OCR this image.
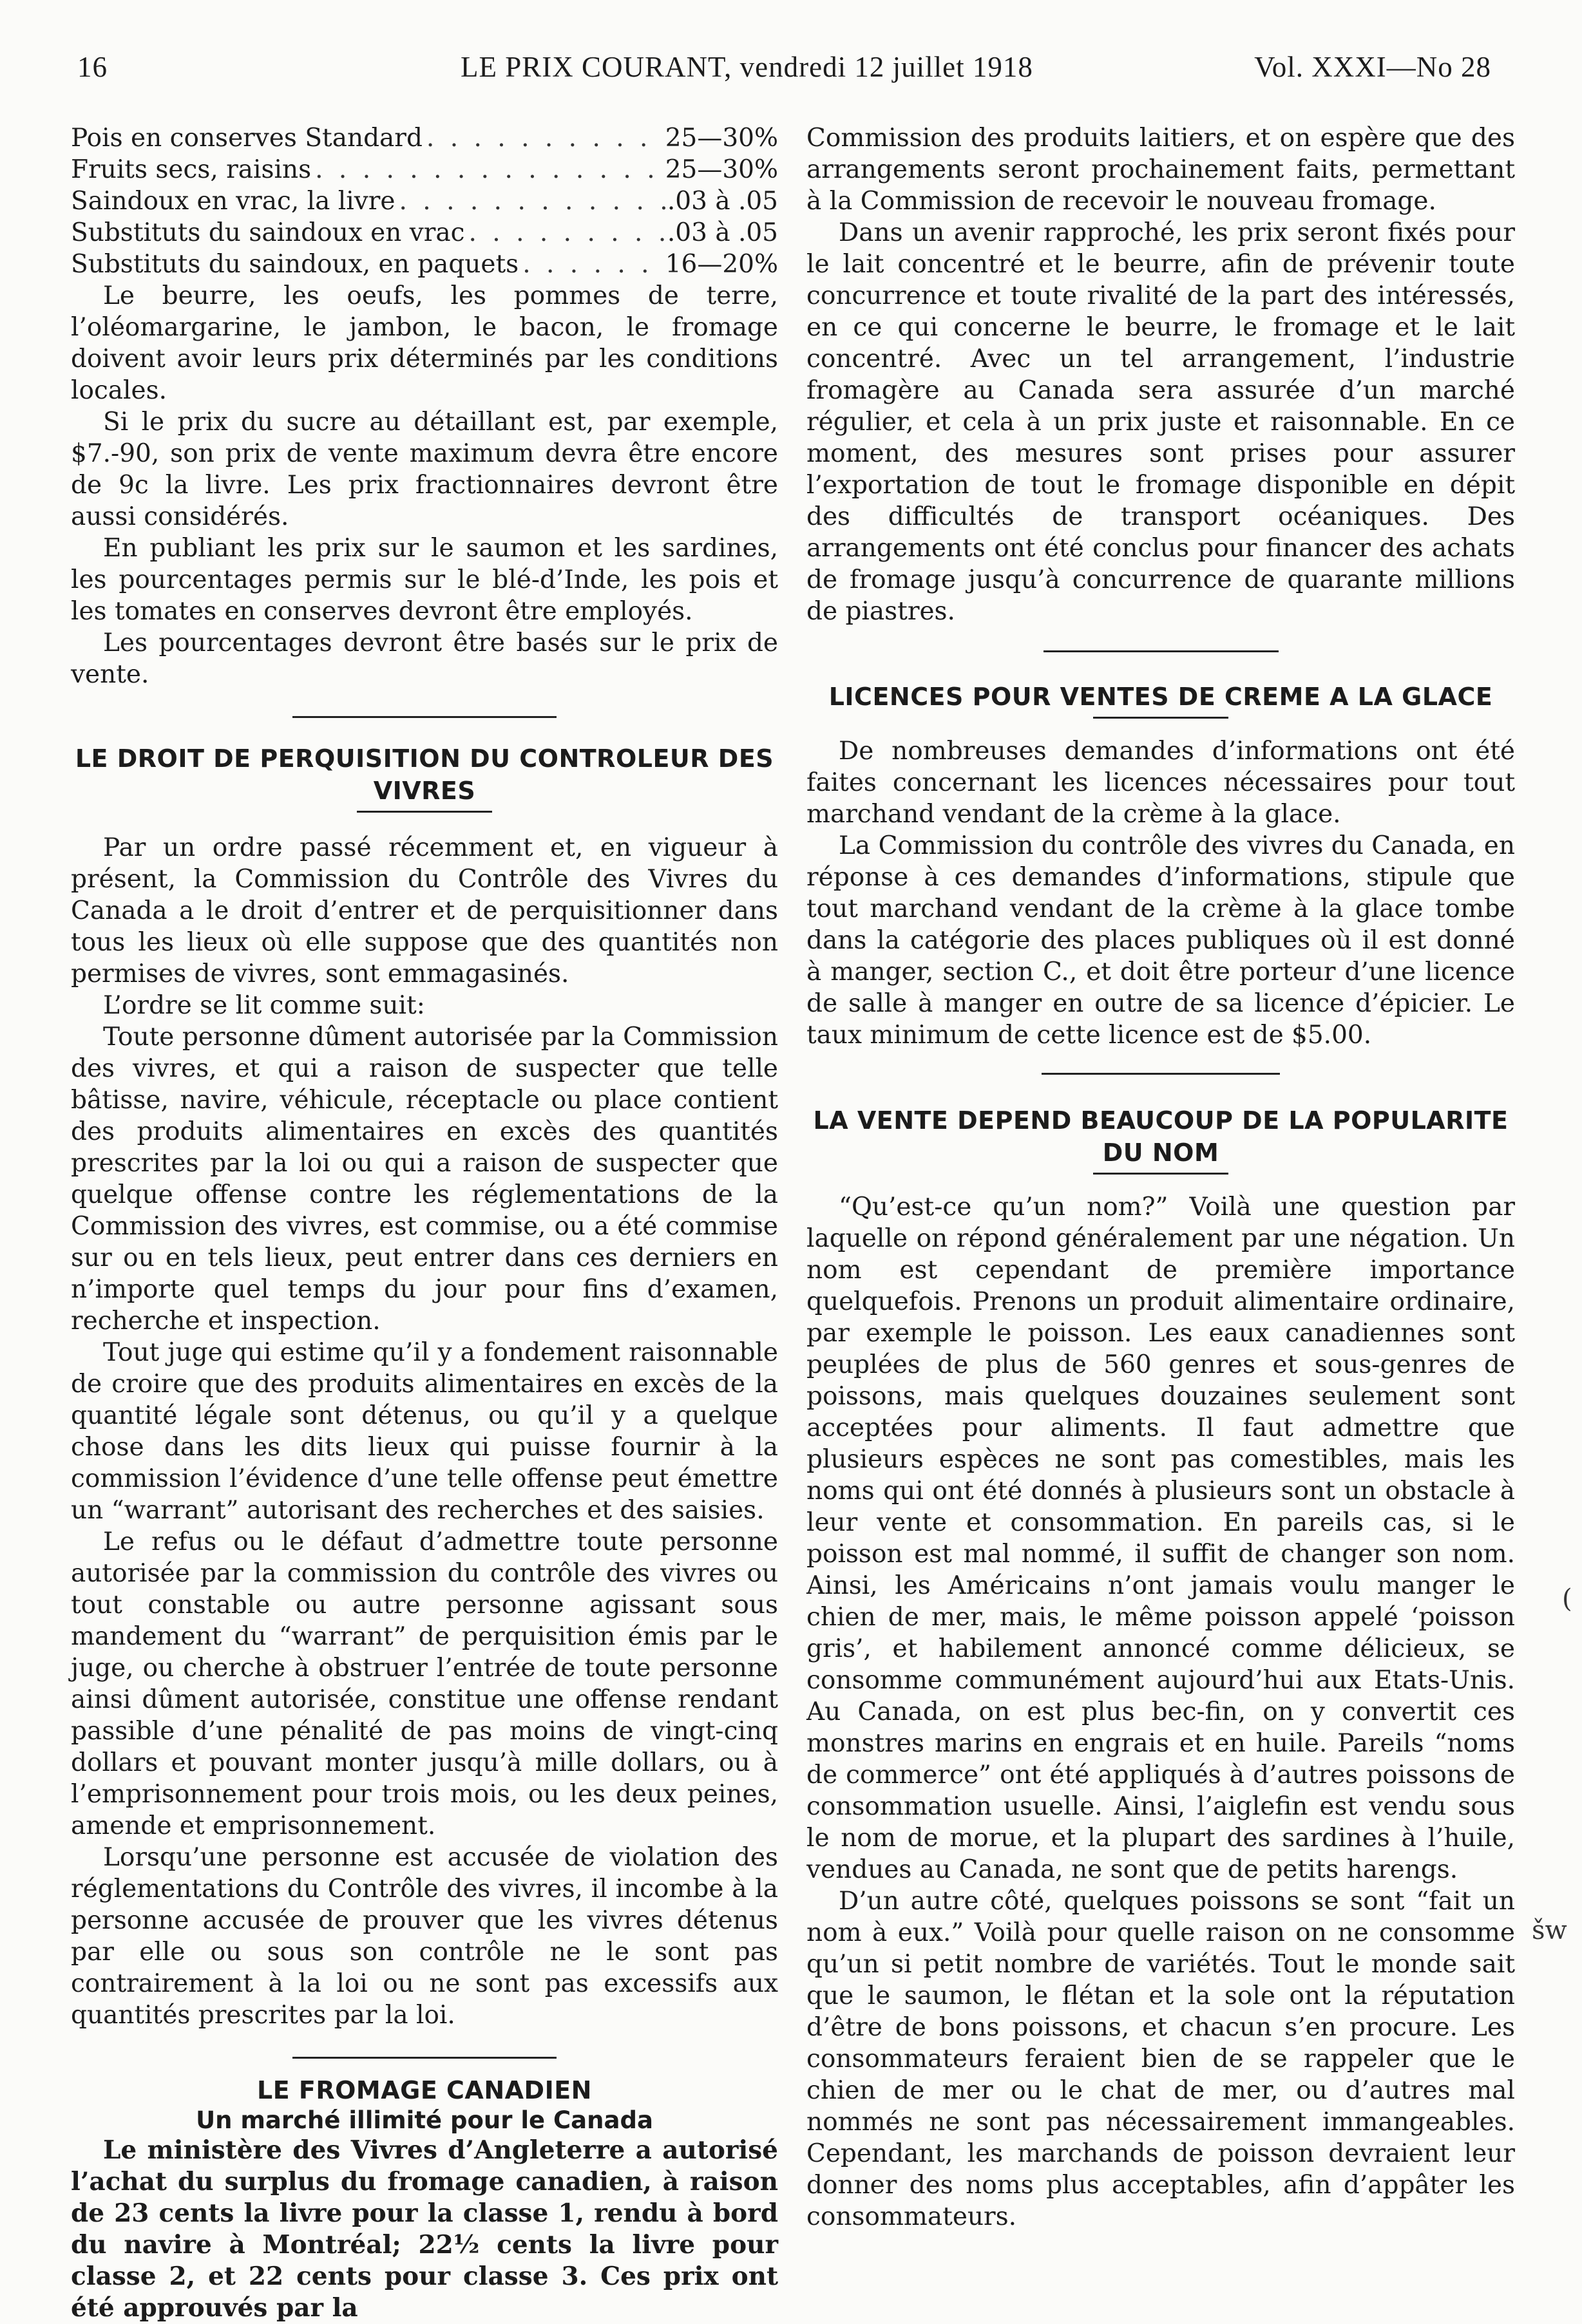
16	LE PRIX COURANT, vendredi 12 juillet 1918	Vol. XXXI—No 28
Pois en conserves Standard . . .	25—30%
Fruits secs, raisins . . .	25—30%
Saindoux en vrac, la livre . . .	.03 à .05
Substituts du saindoux en vrac . . .	.03 à .05
Substituts du saindoux, en paquets . . .	16—20%

Le beurre, les oeufs, les pommes de terre, l’oléomargarine, le jambon, le bacon, le fromage doivent avoir leurs prix déterminés par les conditions locales.

Si le prix du sucre au détaillant est, par exemple, $7.-90, son prix de vente maximum devra être encore de 9c la livre. Les prix fractionnaires devront être aussi considérés.

En publiant les prix sur le saumon et les sardines, les pourcentages permis sur le blé-d’Inde, les pois et les tomates en conserves devront être employés.

Les pourcentages devront être basés sur le prix de vente.

LE DROIT DE PERQUISITION DU CONTROLEUR DES VIVRES

Par un ordre passé récemment et, en vigueur à présent, la Commission du Contrôle des Vivres du Canada a le droit d’entrer et de perquisitionner dans tous les lieux où elle suppose que des quantités non permises de vivres, sont emmagasinés.

L’ordre se lit comme suit:

Toute personne dûment autorisée par la Commission des vivres, et qui a raison de suspecter que telle bâtisse, navire, véhicule, réceptacle ou place contient des produits alimentaires en excès des quantités prescrites par la loi ou qui a raison de suspecter que quelque offense contre les réglementations de la Commission des vivres, est commise, ou a été commise sur ou en tels lieux, peut entrer dans ces derniers en n’importe quel temps du jour pour fins d’examen, recherche et inspection.

Tout juge qui estime qu’il y a fondement raisonnable de croire que des produits alimentaires en excès de la quantité légale sont détenus, ou qu’il y a quelque chose dans les dits lieux qui puisse fournir à la commission l’évidence d’une telle offense peut émettre un “warrant” autorisant des recherches et des saisies.

Le refus ou le défaut d’admettre toute personne autorisée par la commission du contrôle des vivres ou tout constable ou autre personne agissant sous mandement du “warrant” de perquisition émis par le juge, ou cherche à obstruer l’entrée de toute personne ainsi dûment autorisée, constitue une offense rendant passible d’une pénalité de pas moins de vingt-cinq dollars et pouvant monter jusqu’à mille dollars, ou à l’emprisonnement pour trois mois, ou les deux peines, amende et emprisonnement.

Lorsqu’une personne est accusée de violation des réglementations du Contrôle des vivres, il incombe à la personne accusée de prouver que les vivres détenus par elle ou sous son contrôle ne le sont pas contrairement à la loi ou ne sont pas excessifs aux quantités prescrites par la loi.

LE FROMAGE CANADIEN
Un marché illimité pour le Canada

Le ministère des Vivres d’Angleterre a autorisé l’achat du surplus du fromage canadien, à raison de 23 cents la livre pour la classe 1, rendu à bord du navire à Montréal; 22½ cents la livre pour classe 2, et 22 cents pour classe 3. Ces prix ont été approuvés par la

Commission des produits laitiers, et on espère que des arrangements seront prochainement faits, permettant à la Commission de recevoir le nouveau fromage.

Dans un avenir rapproché, les prix seront fixés pour le lait concentré et le beurre, afin de prévenir toute concurrence et toute rivalité de la part des intéressés, en ce qui concerne le beurre, le fromage et le lait concentré. Avec un tel arrangement, l’industrie fromagère au Canada sera assurée d’un marché régulier, et cela à un prix juste et raisonnable. En ce moment, des mesures sont prises pour assurer l’exportation de tout le fromage disponible en dépit des difficultés de transport océaniques. Des arrangements ont été conclus pour financer des achats de fromage jusqu’à concurrence de quarante millions de piastres.

LICENCES POUR VENTES DE CREME A LA GLACE

De nombreuses demandes d’informations ont été faites concernant les licences nécessaires pour tout marchand vendant de la crème à la glace.

La Commission du contrôle des vivres du Canada, en réponse à ces demandes d’informations, stipule que tout marchand vendant de la crème à la glace tombe dans la catégorie des places publiques où il est donné à manger, section C., et doit être porteur d’une licence de salle à manger en outre de sa licence d’épicier. Le taux minimum de cette licence est de $5.00.

LA VENTE DEPEND BEAUCOUP DE LA POPULARITE DU NOM

“Qu’est-ce qu’un nom?” Voilà une question par laquelle on répond généralement par une négation. Un nom est cependant de première importance quelquefois. Prenons un produit alimentaire ordinaire, par exemple le poisson. Les eaux canadiennes sont peuplées de plus de 560 genres et sous-genres de poissons, mais quelques douzaines seulement sont acceptées pour aliments. Il faut admettre que plusieurs espèces ne sont pas comestibles, mais les noms qui ont été donnés à plusieurs sont un obstacle à leur vente et consommation. En pareils cas, si le poisson est mal nommé, il suffit de changer son nom. Ainsi, les Américains n’ont jamais voulu manger le chien de mer, mais, le même poisson appelé ‘poisson gris’, et habilement annoncé comme délicieux, se consomme communément aujourd’hui aux Etats-Unis. Au Canada, on est plus bec-fin, on y convertit ces monstres marins en engrais et en huile. Pareils “noms de commerce” ont été appliqués à d’autres poissons de consommation usuelle. Ainsi, l’aiglefin est vendu sous le nom de morue, et la plupart des sardines à l’huile, vendues au Canada, ne sont que de petits harengs.

D’un autre côté, quelques poissons se sont “fait un nom à eux.” Voilà pour quelle raison on ne consomme qu’un si petit nombre de variétés. Tout le monde sait que le saumon, le flétan et la sole ont la réputation d’être de bons poissons, et chacun s’en procure. Les consommateurs feraient bien de se rappeler que le chien de mer ou le chat de mer, ou d’autres mal nommés ne sont pas nécessairement immangeables. Cependant, les marchands de poisson devraient leur donner des noms plus acceptables, afin d’appâter les consommateurs.

(
šw
